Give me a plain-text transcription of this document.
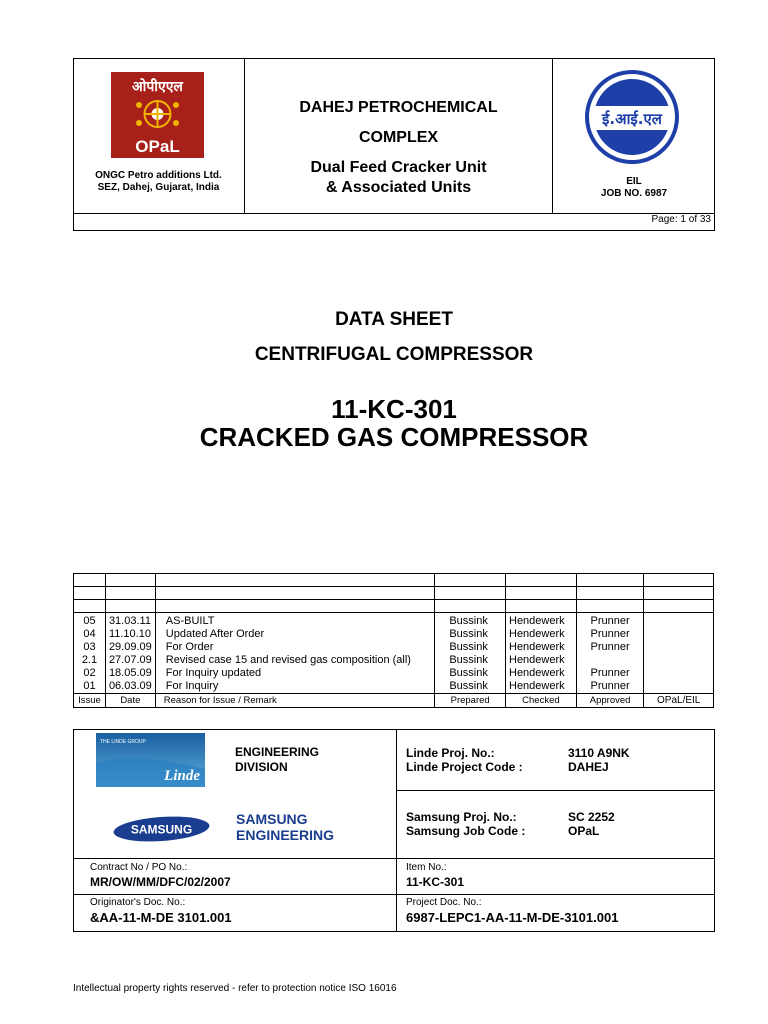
ओपीएएल
OPaL
ONGC Petro additions Ltd.
SEZ, Dahej, Gujarat, India
DAHEJ PETROCHEMICAL
COMPLEX
Dual Feed Cracker Unit
& Associated Units
ई.आई.एल
EIL
JOB NO. 6987
Page: 1 of 33
DATA SHEET
CENTRIFUGAL COMPRESSOR
11-KC-301
CRACKED GAS COMPRESSOR

05	31.03.11	AS-BUILT	Bussink	Hendewerk	Prunner	
04	11.10.10	Updated After Order	Bussink	Hendewerk	Prunner	
03	29.09.09	For Order	Bussink	Hendewerk	Prunner	
2.1	27.07.09	Revised case 15 and revised gas composition (all)	Bussink	Hendewerk		
02	18.05.09	For Inquiry updated	Bussink	Hendewerk	Prunner	
01	06.03.09	For Inquiry	Bussink	Hendewerk	Prunner	
Issue	Date	Reason for Issue / Remark	Prepared	Checked	Approved	OPaL/EIL
THE LINDE GROUP
Linde
ENGINEERING
DIVISION
Linde Proj. No.:	3110 A9NK
Linde Project Code :	DAHEJ
SAMSUNG
SAMSUNG
ENGINEERING
Samsung Proj. No.:	SC 2252
Samsung Job Code :	OPaL
Contract No / PO No.:
MR/OW/MM/DFC/02/2007
Item No.:
11-KC-301
Originator's Doc. No.:
&AA-11-M-DE 3101.001
Project Doc. No.:
6987-LEPC1-AA-11-M-DE-3101.001
Intellectual property rights reserved - refer to protection notice ISO 16016
